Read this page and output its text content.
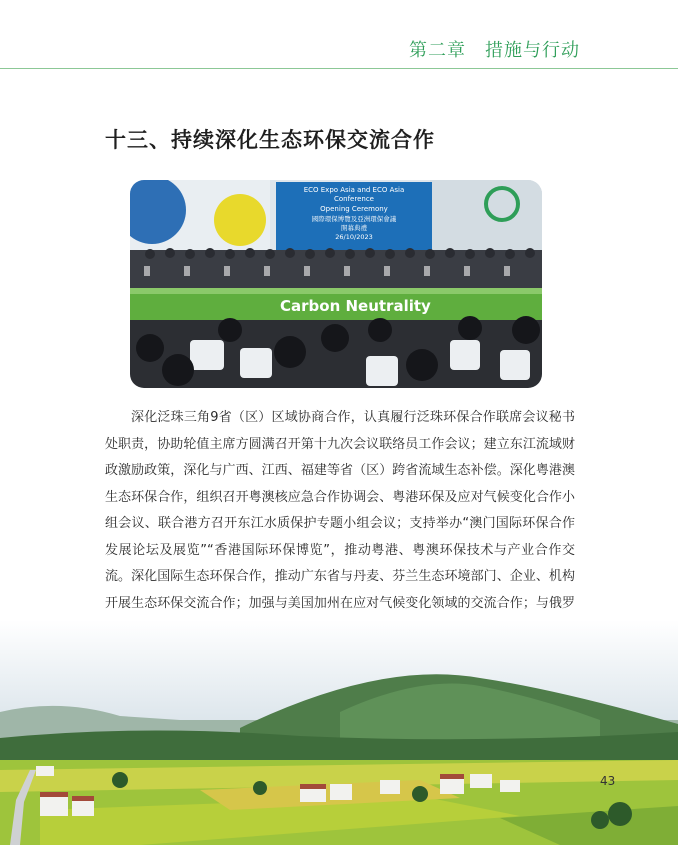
第二章　措施与行动
十三、持续深化生态环保交流合作
ECO Expo Asia and ECO Asia
Conference
Opening Ceremony
國際環保博覽及亞洲環保會議
開幕典禮
26/10/2023
Carbon Neutrality

深化泛珠三角9省（区）区域协商合作，认真履行泛珠环保合作联席会议秘书处职责，协助轮值主席方圆满召开第十九次会议联络员工作会议；建立东江流域财政激励政策，深化与广西、江西、福建等省（区）跨省流域生态补偿。深化粤港澳生态环保合作，组织召开粤澳核应急合作协调会、粤港环保及应对气候变化合作小组会议、联合港方召开东江水质保护专题小组会议；支持举办“澳门国际环保合作发展论坛及展览”“香港国际环保博览”，推动粤港、粤澳环保技术与产业合作交流。深化国际生态环保合作，推动广东省与丹麦、芬兰生态环境部门、企业、机构开展生态环保交流合作；加强与美国加州在应对气候变化领域的交流合作；与俄罗

43
